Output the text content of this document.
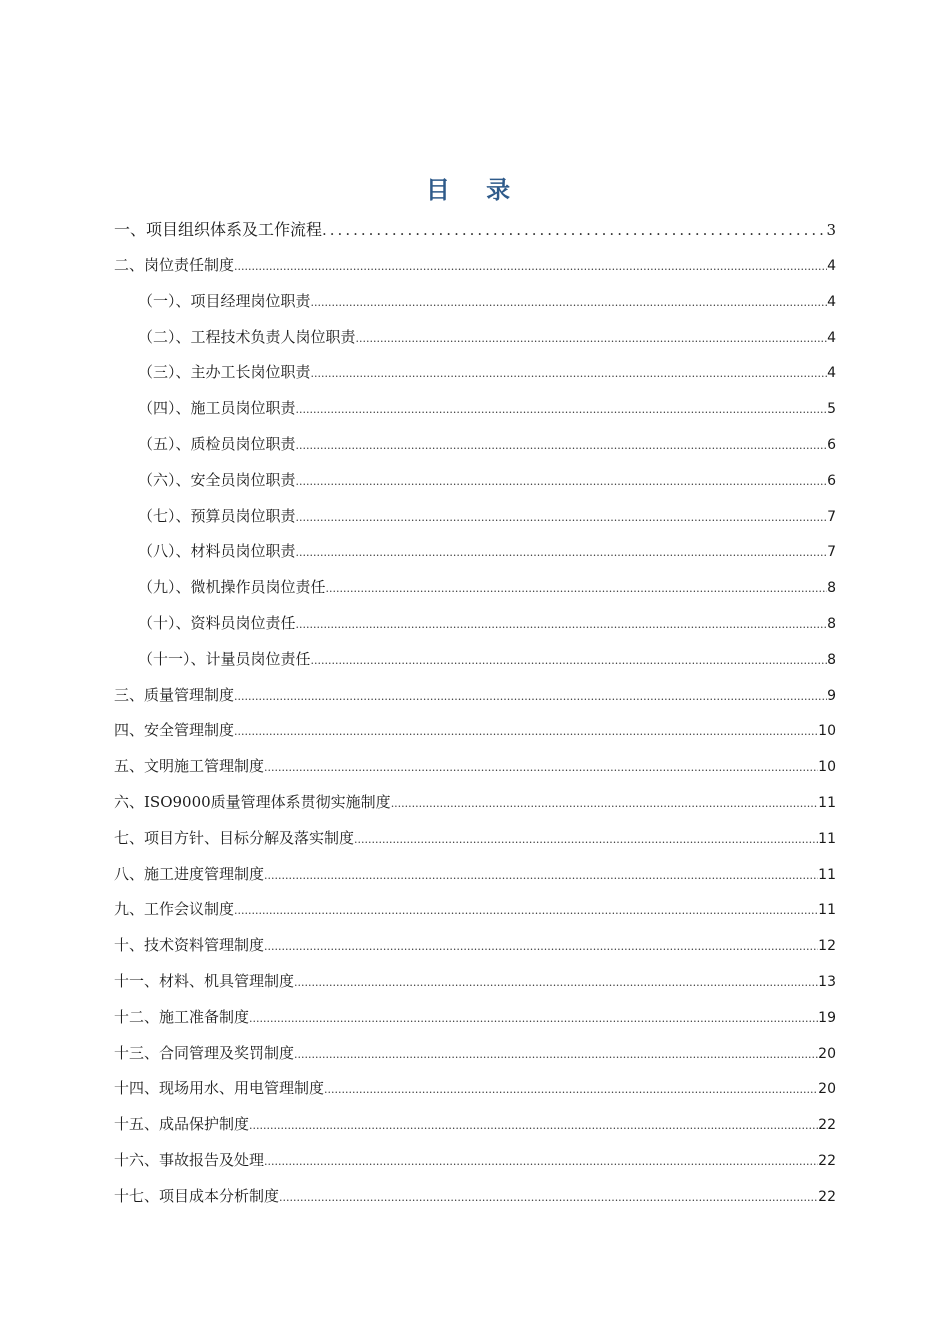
目 录
一、项目组织体系及工作流程 .....	3
二、岗位责任制度 .....	4
（一）、项目经理岗位职责 .....	4
（二）、工程技术负责人岗位职责 .....	4
（三）、主办工长岗位职责 .....	4
（四）、施工员岗位职责 .....	5
（五）、质检员岗位职责 .....	6
（六）、安全员岗位职责 .....	6
（七）、预算员岗位职责 .....	7
（八）、材料员岗位职责 .....	7
（九）、微机操作员岗位责任 .....	8
（十）、资料员岗位责任 .....	8
（十一）、计量员岗位责任 .....	8
三、质量管理制度 .....	9
四、安全管理制度 .....	10
五、文明施工管理制度 .....	10
六、ISO9000质量管理体系贯彻实施制度 .....	11
七、项目方针、目标分解及落实制度 .....	11
八、施工进度管理制度 .....	11
九、工作会议制度 .....	11
十、技术资料管理制度 .....	12
十一、材料、机具管理制度 .....	13
十二、施工准备制度 .....	19
十三、合同管理及奖罚制度 .....	20
十四、现场用水、用电管理制度 .....	20
十五、成品保护制度 .....	22
十六、事故报告及处理 .....	22
十七、项目成本分析制度 .....	22
